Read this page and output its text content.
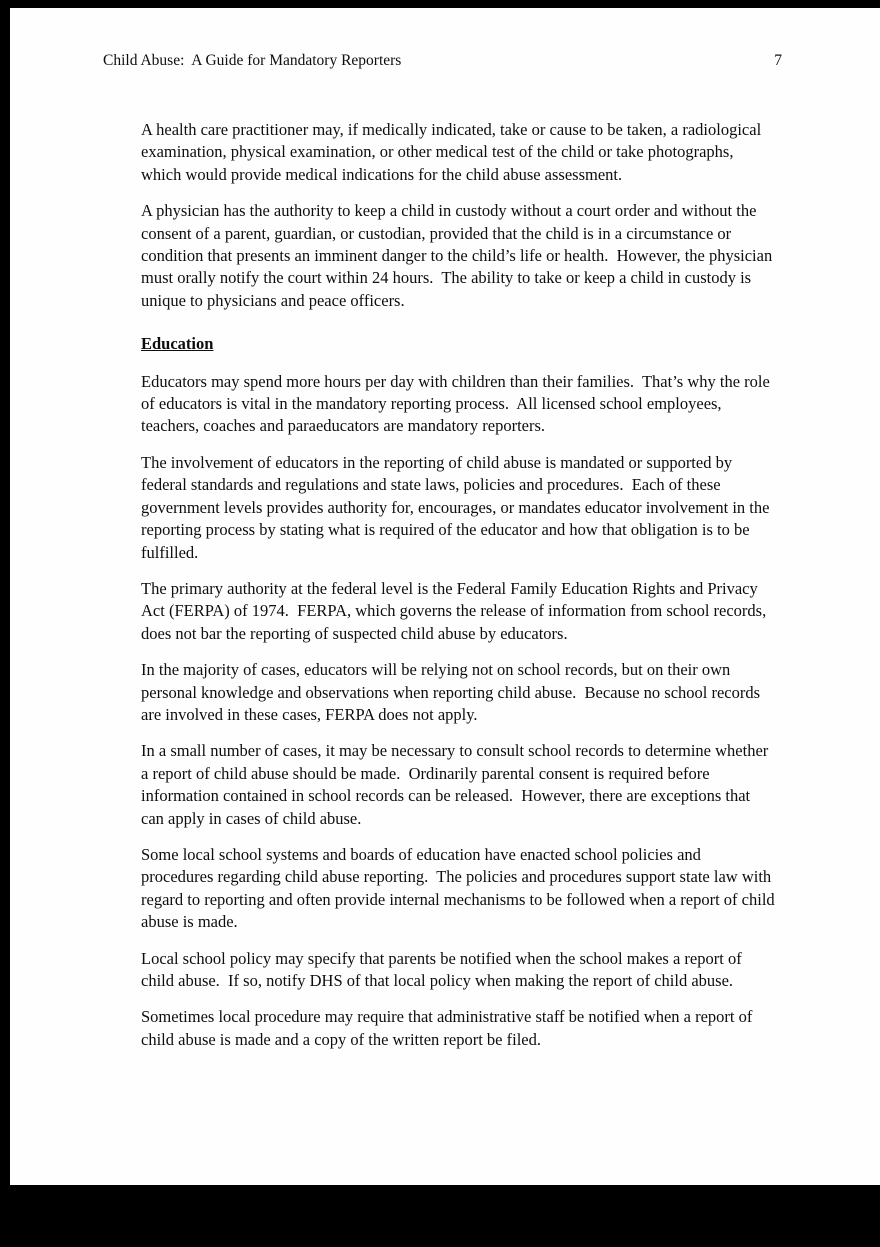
Child Abuse:  A Guide for Mandatory Reporters	7

A health care practitioner may, if medically indicated, take or cause to be taken, a radiological examination, physical examination, or other medical test of the child or take photographs, which would provide medical indications for the child abuse assessment.

A physician has the authority to keep a child in custody without a court order and without the consent of a parent, guardian, or custodian, provided that the child is in a circumstance or condition that presents an imminent danger to the child’s life or health.  However, the physician must orally notify the court within 24 hours.  The ability to take or keep a child in custody is unique to physicians and peace officers.

Education

Educators may spend more hours per day with children than their families.  That’s why the role of educators is vital in the mandatory reporting process.  All licensed school employees, teachers, coaches and paraeducators are mandatory reporters.

The involvement of educators in the reporting of child abuse is mandated or supported by federal standards and regulations and state laws, policies and procedures.  Each of these government levels provides authority for, encourages, or mandates educator involvement in the reporting process by stating what is required of the educator and how that obligation is to be fulfilled.

The primary authority at the federal level is the Federal Family Education Rights and Privacy Act (FERPA) of 1974.  FERPA, which governs the release of information from school records, does not bar the reporting of suspected child abuse by educators.

In the majority of cases, educators will be relying not on school records, but on their own personal knowledge and observations when reporting child abuse.  Because no school records are involved in these cases, FERPA does not apply.

In a small number of cases, it may be necessary to consult school records to determine whether a report of child abuse should be made.  Ordinarily parental consent is required before information contained in school records can be released.  However, there are exceptions that can apply in cases of child abuse.

Some local school systems and boards of education have enacted school policies and procedures regarding child abuse reporting.  The policies and procedures support state law with regard to reporting and often provide internal mechanisms to be followed when a report of child abuse is made.

Local school policy may specify that parents be notified when the school makes a report of child abuse.  If so, notify DHS of that local policy when making the report of child abuse.

Sometimes local procedure may require that administrative staff be notified when a report of child abuse is made and a copy of the written report be filed.
